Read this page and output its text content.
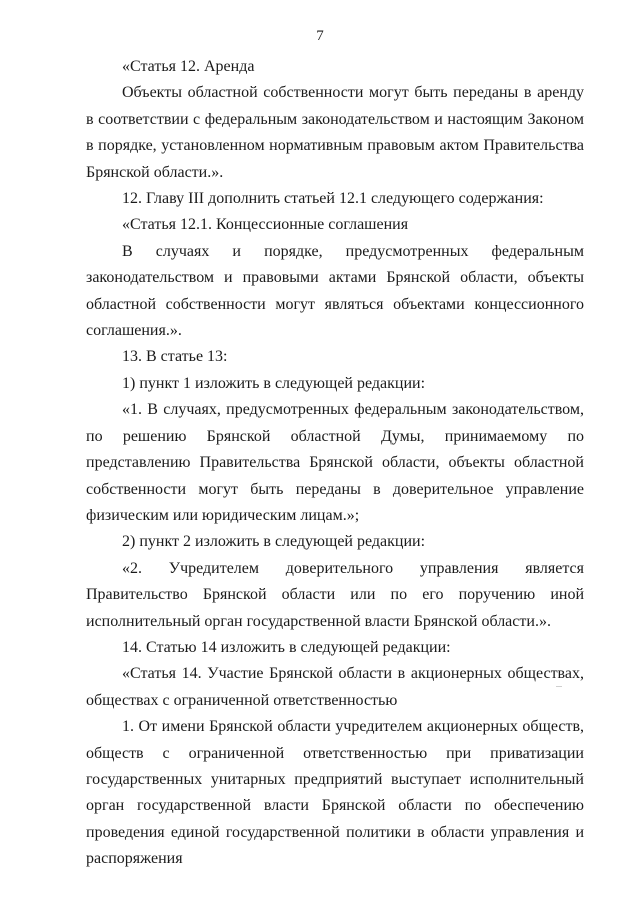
7

«Статья 12. Аренда

Объекты областной собственности могут быть переданы в аренду в соответствии с федеральным законодательством и настоящим Законом в порядке, установленном нормативным правовым актом Правительства Брянской области.».

12. Главу III дополнить статьей 12.1 следующего содержания:

«Статья 12.1. Концессионные соглашения

В случаях и порядке, предусмотренных федеральным законодательством и правовыми актами Брянской области, объекты областной собственности могут являться объектами концессионного соглашения.».

13. В статье 13:

1) пункт 1 изложить в следующей редакции:

«1. В случаях, предусмотренных федеральным законодательством, по решению Брянской областной Думы, принимаемому по представлению Правительства Брянской области, объекты областной собственности могут быть переданы в доверительное управление физическим или юридическим лицам.»;

2) пункт 2 изложить в следующей редакции:

«2. Учредителем доверительного управления является Правительство Брянской области или по его поручению иной исполнительный орган государственной власти Брянской области.».

14. Статью 14 изложить в следующей редакции:

«Статья 14. Участие Брянской области в акционерных обществах, обществах с ограниченной ответственностью

1. От имени Брянской области учредителем акционерных обществ, обществ с ограниченной ответственностью при приватизации государственных унитарных предприятий выступает исполнительный орган государственной власти Брянской области по обеспечению проведения единой государственной политики в области управления и распоряжения
